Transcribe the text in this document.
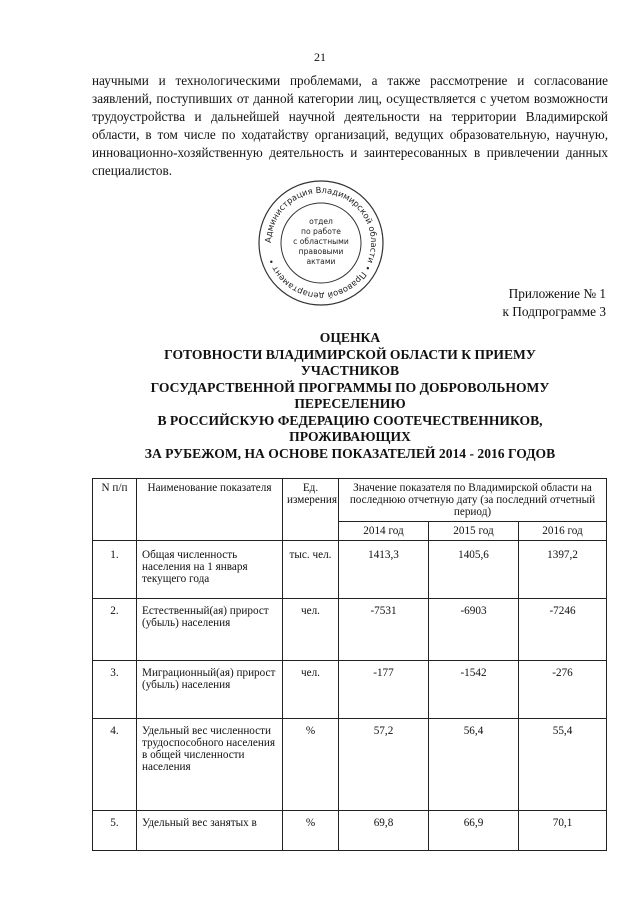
21

научными и технологическими проблемами, а также рассмотрение и согласование заявлений, поступивших от данной категории лиц, осуществляется с учетом возможности трудоустройства и дальнейшей научной деятельности на территории Владимирской области, в том числе по ходатайству организаций, ведущих образовательную, научную, инновационно-хозяйственную деятельность и заинтересованных в привлечении данных специалистов.

Администрация Владимирской области • Правовой департамент •
отдел
по работе
с областными
правовыми
актами
Приложение № 1
к Подпрограмме 3
ОЦЕНКА
ГОТОВНОСТИ ВЛАДИМИРСКОЙ ОБЛАСТИ К ПРИЕМУ
УЧАСТНИКОВ
ГОСУДАРСТВЕННОЙ ПРОГРАММЫ ПО ДОБРОВОЛЬНОМУ
ПЕРЕСЕЛЕНИЮ
В РОССИЙСКУЮ ФЕДЕРАЦИЮ СООТЕЧЕСТВЕННИКОВ,
ПРОЖИВАЮЩИХ
ЗА РУБЕЖОМ, НА ОСНОВЕ ПОКАЗАТЕЛЕЙ 2014 - 2016 ГОДОВ
N п/п	Наименование показателя	Ед. измерения	Значение показателя по Владимирской области на последнюю отчетную дату (за последний отчетный период)		
			2014 год	2015 год	2016 год
1.	Общая численность населения на 1 января текущего года	тыс. чел.	1413,3	1405,6	1397,2
2.	Естественный(ая) прирост (убыль) населения	чел.	-7531	-6903	-7246
3.	Миграционный(ая) прирост (убыль) населения	чел.	-177	-1542	-276
4.	Удельный вес численности трудоспособного населения в общей численности населения	%	57,2	56,4	55,4
5.	Удельный вес занятых в	%	69,8	66,9	70,1
